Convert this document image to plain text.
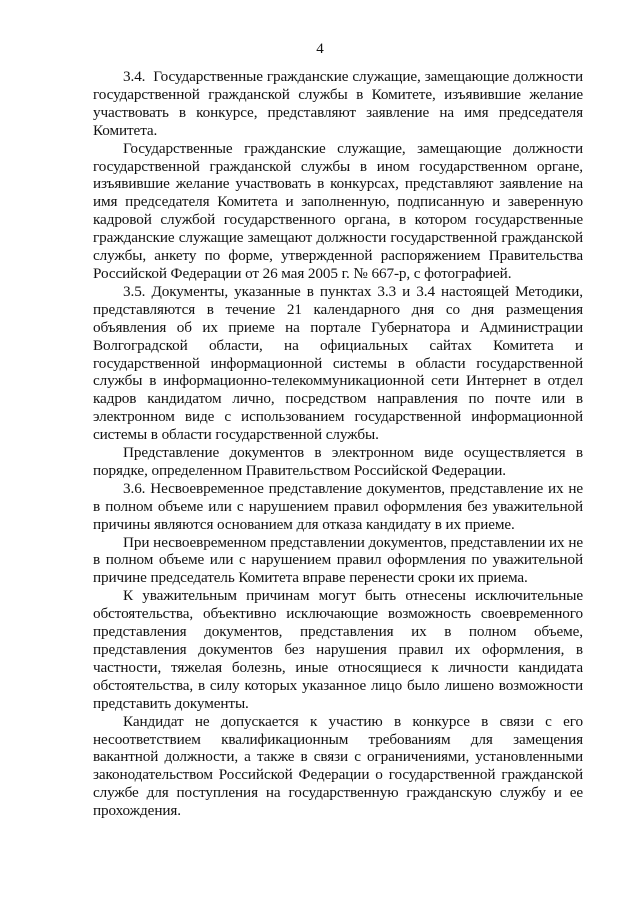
4

3.4.  Государственные гражданские служащие, замещающие должности государственной гражданской службы в Комитете, изъявившие желание участвовать в конкурсе, представляют заявление на имя председателя Комитета.

Государственные гражданские служащие, замещающие должности государственной гражданской службы в ином государственном органе, изъявившие желание участвовать в конкурсах, представляют заявление на имя председателя Комитета и заполненную, подписанную и заверенную кадровой службой государственного органа, в котором государственные гражданские служащие замещают должности государственной гражданской службы, анкету по форме, утвержденной распоряжением Правительства Российской Федерации от 26 мая 2005 г. № 667-р, с фотографией.

3.5. Документы, указанные в пунктах 3.3 и 3.4 настоящей Методики, представляются в течение 21 календарного дня со дня размещения объявления об их приеме на портале Губернатора и Администрации Волгоградской области, на официальных сайтах Комитета и государственной информационной системы в области государственной службы в информационно-телекоммуникационной сети Интернет в отдел кадров кандидатом лично, посредством направления по почте или в электронном виде с использованием государственной информационной системы в области государственной службы.

Представление документов в электронном виде осуществляется в порядке, определенном Правительством Российской Федерации.

3.6. Несвоевременное представление документов, представление их не в полном объеме или с нарушением правил оформления без уважительной причины являются основанием для отказа кандидату в их приеме.

При несвоевременном представлении документов, представлении их не в полном объеме или с нарушением правил оформления по уважительной причине председатель Комитета вправе перенести сроки их приема.

К уважительным причинам могут быть отнесены исключительные обстоятельства, объективно исключающие возможность своевременного представления документов, представления их в полном объеме, представления документов без нарушения правил их оформления, в частности, тяжелая болезнь, иные относящиеся к личности кандидата обстоятельства, в силу которых указанное лицо было лишено возможности представить документы.

Кандидат не допускается к участию в конкурсе в связи с его несоответствием квалификационным требованиям для замещения вакантной должности, а также в связи с ограничениями, установленными законодательством Российской Федерации о государственной гражданской службе для поступления на государственную гражданскую службу и ее прохождения.
